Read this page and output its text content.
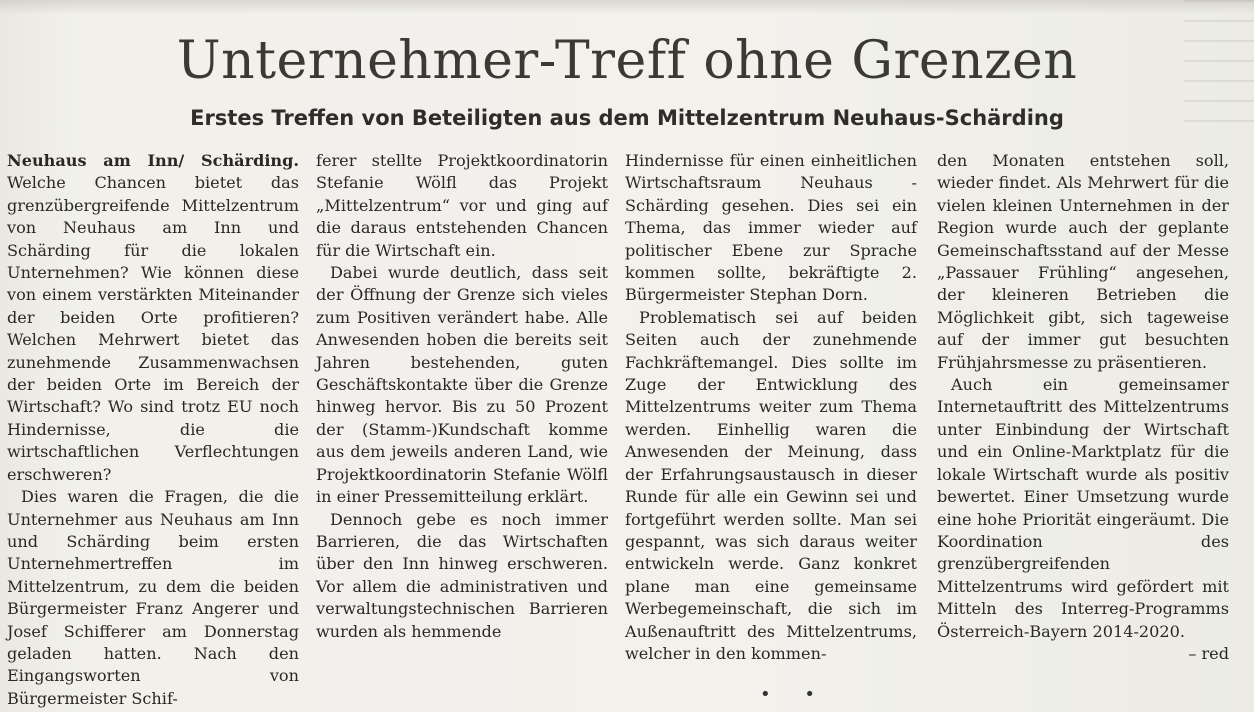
Unternehmer-Treff ohne Grenzen
Erstes Treffen von Beteiligten aus dem Mittelzentrum Neuhaus-Schärding

Neuhaus am Inn/ Schärding. Welche Chancen bietet das grenzübergreifende Mittelzentrum von Neuhaus am Inn und Schärding für die lokalen Unternehmen? Wie können diese von einem verstärkten Miteinander der beiden Orte profitieren? Welchen Mehrwert bietet das zunehmende Zusammenwachsen der beiden Orte im Bereich der Wirtschaft? Wo sind trotz EU noch Hindernisse, die die wirtschaftlichen Verflechtungen erschweren?

Dies waren die Fragen, die die Unternehmer aus Neuhaus am Inn und Schärding beim ersten Unternehmertreffen im Mittelzentrum, zu dem die beiden Bürgermeister Franz Angerer und Josef Schifferer am Donnerstag geladen hatten. Nach den Eingangsworten von Bürgermeister Schif-

ferer stellte Projektkoordinatorin Stefanie Wölfl das Projekt „Mittelzentrum“ vor und ging auf die daraus entstehenden Chancen für die Wirtschaft ein.

Dabei wurde deutlich, dass seit der Öffnung der Grenze sich vieles zum Positiven verändert habe. Alle Anwesenden hoben die bereits seit Jahren bestehenden, guten Geschäftskontakte über die Grenze hinweg hervor. Bis zu 50 Prozent der (Stamm-)Kundschaft komme aus dem jeweils anderen Land, wie Projektkoordinatorin Stefanie Wölfl in einer Pressemitteilung erklärt.

Dennoch gebe es noch immer Barrieren, die das Wirtschaften über den Inn hinweg erschweren. Vor allem die administrativen und verwaltungstechnischen Barrieren wurden als hemmende

Hindernisse für einen einheitlichen Wirtschaftsraum Neuhaus - Schärding gesehen. Dies sei ein Thema, das immer wieder auf politischer Ebene zur Sprache kommen sollte, bekräftigte 2. Bürgermeister Stephan Dorn.

Problematisch sei auf beiden Seiten auch der zunehmende Fachkräftemangel. Dies sollte im Zuge der Entwicklung des Mittelzentrums weiter zum Thema werden. Einhellig waren die Anwesenden der Meinung, dass der Erfahrungsaustausch in dieser Runde für alle ein Gewinn sei und fortgeführt werden sollte. Man sei gespannt, was sich daraus weiter entwickeln werde. Ganz konkret plane man eine gemeinsame Werbegemeinschaft, die sich im Außenauftritt des Mittelzentrums, welcher in den kommen-

den Monaten entstehen soll, wieder findet. Als Mehrwert für die vielen kleinen Unternehmen in der Region wurde auch der geplante Gemeinschaftsstand auf der Messe „Passauer Frühling“ angesehen, der kleineren Betrieben die Möglichkeit gibt, sich tageweise auf der immer gut besuchten Frühjahrsmesse zu präsentieren.

Auch ein gemeinsamer Internetauftritt des Mittelzentrums unter Einbindung der Wirtschaft und ein Online-Marktplatz für die lokale Wirtschaft wurde als positiv bewertet. Einer Umsetzung wurde eine hohe Priorität eingeräumt. Die Koordination des grenzübergreifenden Mittelzentrums wird gefördert mit Mitteln des Interreg-Programms Österreich-Bayern 2014-2020.
– red

• •
